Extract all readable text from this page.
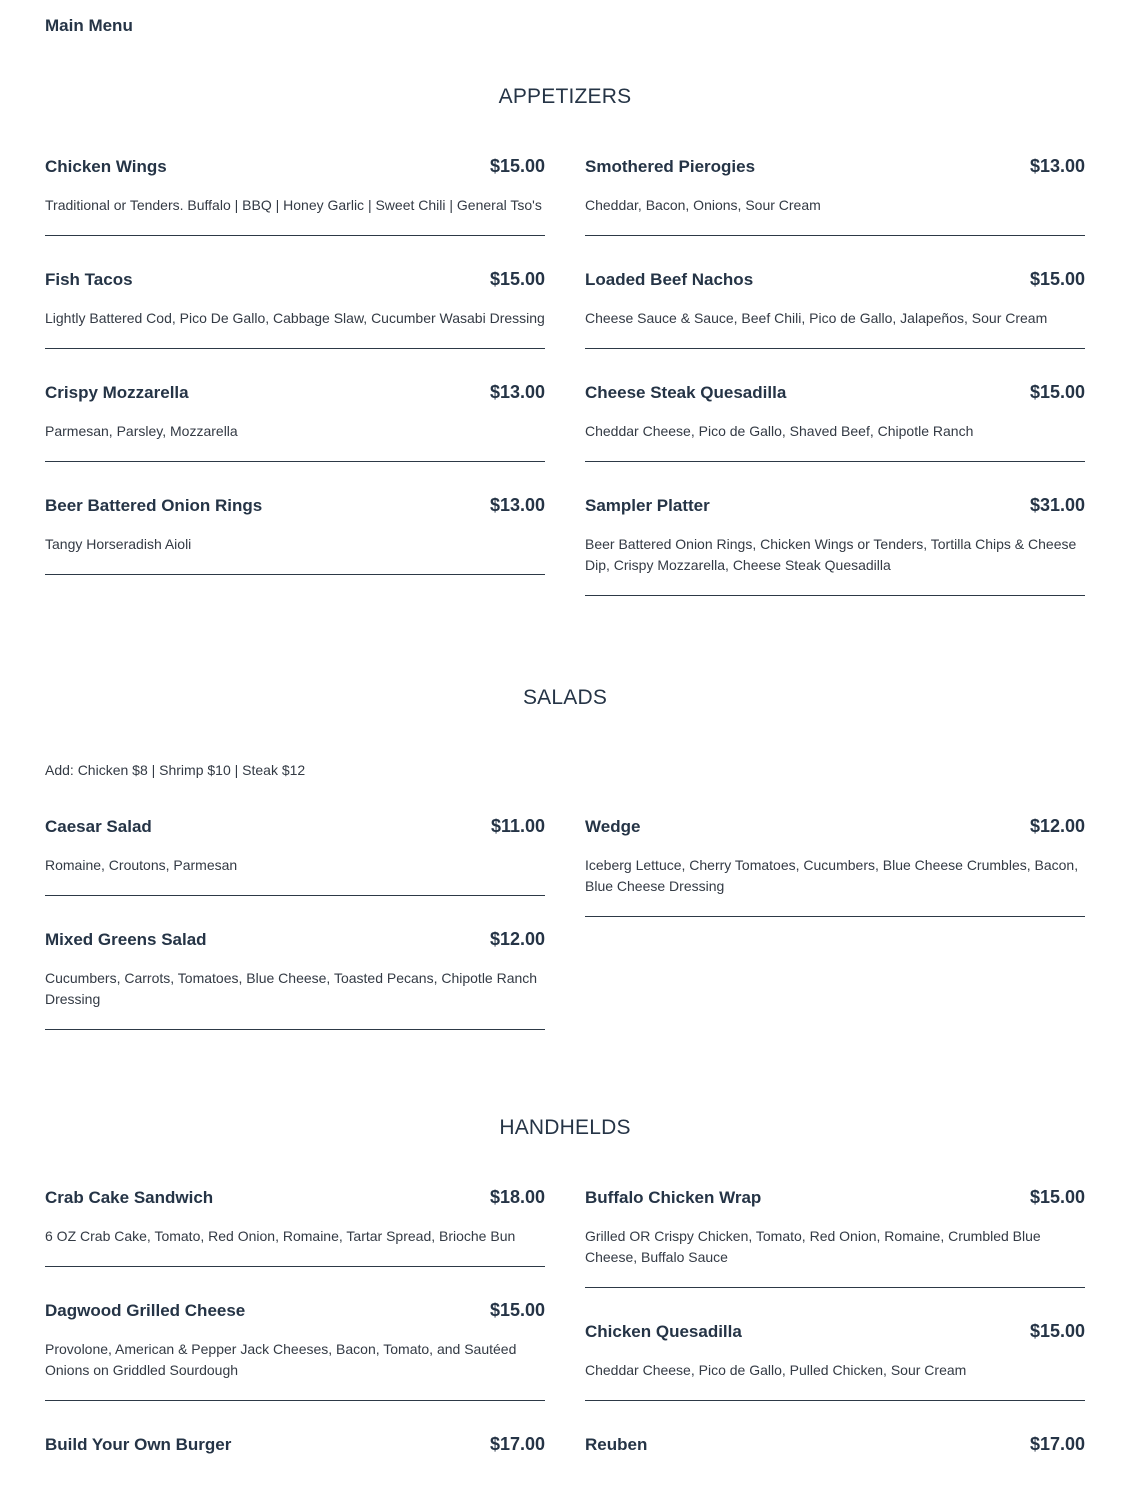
Main Menu
APPETIZERS
Chicken Wings	$15.00
Traditional or Tenders. Buffalo | BBQ | Honey Garlic | Sweet Chili | General Tso's
Smothered Pierogies	$13.00
Cheddar, Bacon, Onions, Sour Cream
Fish Tacos	$15.00
Lightly Battered Cod, Pico De Gallo, Cabbage Slaw, Cucumber Wasabi Dressing
Loaded Beef Nachos	$15.00
Cheese Sauce & Sauce, Beef Chili, Pico de Gallo, Jalapeños, Sour Cream
Crispy Mozzarella	$13.00
Parmesan, Parsley, Mozzarella
Cheese Steak Quesadilla	$15.00
Cheddar Cheese, Pico de Gallo, Shaved Beef, Chipotle Ranch
Beer Battered Onion Rings	$13.00
Tangy Horseradish Aioli
Sampler Platter	$31.00
Beer Battered Onion Rings, Chicken Wings or Tenders, Tortilla Chips & Cheese Dip, Crispy Mozzarella, Cheese Steak Quesadilla
SALADS
Add: Chicken $8 | Shrimp $10 | Steak $12
Caesar Salad	$11.00
Romaine, Croutons, Parmesan
Wedge	$12.00
Iceberg Lettuce, Cherry Tomatoes, Cucumbers, Blue Cheese Crumbles, Bacon, Blue Cheese Dressing
Mixed Greens Salad	$12.00
Cucumbers, Carrots, Tomatoes, Blue Cheese, Toasted Pecans, Chipotle Ranch Dressing
HANDHELDS
Crab Cake Sandwich	$18.00
6 OZ Crab Cake, Tomato, Red Onion, Romaine, Tartar Spread, Brioche Bun
Buffalo Chicken Wrap	$15.00
Grilled OR Crispy Chicken, Tomato, Red Onion, Romaine, Crumbled Blue Cheese, Buffalo Sauce
Dagwood Grilled Cheese	$15.00
Provolone, American & Pepper Jack Cheeses, Bacon, Tomato, and Sautéed Onions on Griddled Sourdough
Chicken Quesadilla	$15.00
Cheddar Cheese, Pico de Gallo, Pulled Chicken, Sour Cream
Build Your Own Burger	$17.00 Reuben	$17.00
